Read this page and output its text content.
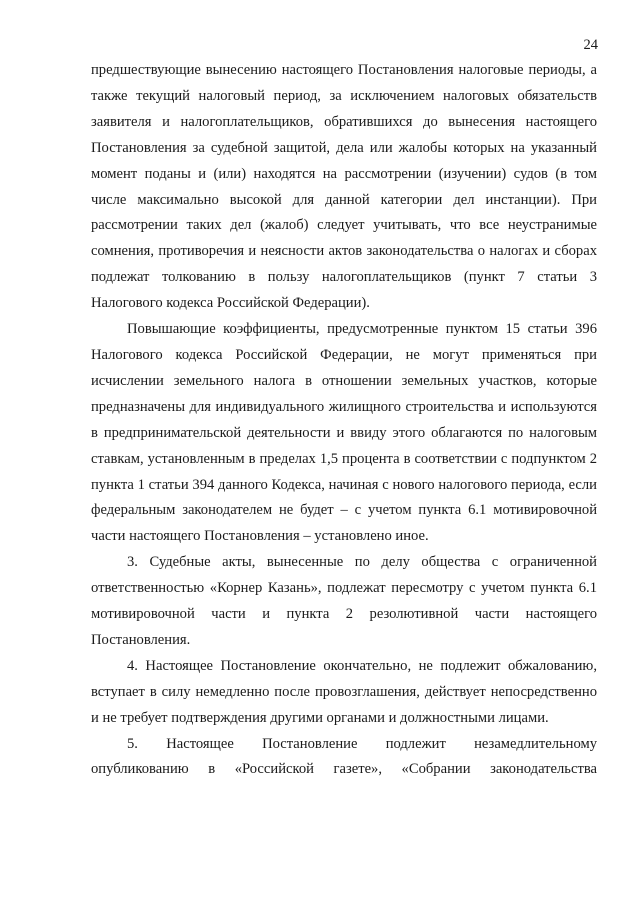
24

предшествующие вынесению настоящего Постановления налоговые периоды, а также текущий налоговый период, за исключением налоговых обязательств заявителя и налогоплательщиков, обратившихся до вынесения настоящего Постановления за судебной защитой, дела или жалобы которых на указанный момент поданы и (или) находятся на рассмотрении (изучении) судов (в том числе максимально высокой для данной категории дел инстанции). При рассмотрении таких дел (жалоб) следует учитывать, что все неустранимые сомнения, противоречия и неясности актов законодательства о налогах и сборах подлежат толкованию в пользу налогоплательщиков (пункт 7 статьи 3 Налогового кодекса Российской Федерации).

Повышающие коэффициенты, предусмотренные пунктом 15 статьи 396 Налогового кодекса Российской Федерации, не могут применяться при исчислении земельного налога в отношении земельных участков, которые предназначены для индивидуального жилищного строительства и используются в предпринимательской деятельности и ввиду этого облагаются по налоговым ставкам, установленным в пределах 1,5 процента в соответствии с подпунктом 2 пункта 1 статьи 394 данного Кодекса, начиная с нового налогового периода, если федеральным законодателем не будет – с учетом пункта 6.1 мотивировочной части настоящего Постановления – установлено иное.

3. Судебные акты, вынесенные по делу общества с ограниченной ответственностью «Корнер Казань», подлежат пересмотру с учетом пункта 6.1 мотивировочной части и пункта 2 резолютивной части настоящего Постановления.

4. Настоящее Постановление окончательно, не подлежит обжалованию, вступает в силу немедленно после провозглашения, действует непосредственно и не требует подтверждения другими органами и должностными лицами.

5. Настоящее Постановление подлежит незамедлительному опубликованию в «Российской газете», «Собрании законодательства
